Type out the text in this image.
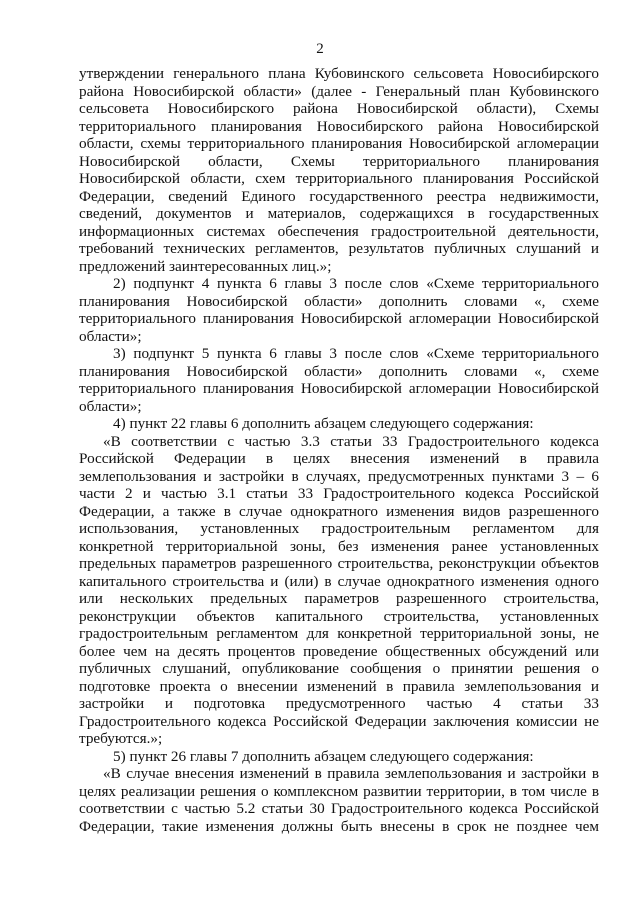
2

утверждении генерального плана Кубовинского сельсовета Новосибирского района Новосибирской области» (далее - Генеральный план Кубовинского сельсовета Новосибирского района Новосибирской области), Схемы территориального планирования Новосибирского района Новосибирской области, схемы территориального планирования Новосибирской агломерации Новосибирской области, Схемы территориального планирования Новосибирской области, схем территориального планирования Российской Федерации, сведений Единого государственного реестра недвижимости, сведений, документов и материалов, содержащихся в государственных информационных системах обеспечения градостроительной деятельности, требований технических регламентов, результатов публичных слушаний и предложений заинтересованных лиц.»;

2) подпункт 4 пункта 6 главы 3 после слов «Схеме территориального планирования Новосибирской области» дополнить словами «, схеме территориального планирования Новосибирской агломерации Новосибирской области»;

3) подпункт 5 пункта 6 главы 3 после слов «Схеме территориального планирования Новосибирской области» дополнить словами «, схеме территориального планирования Новосибирской агломерации Новосибирской области»;

4) пункт 22 главы 6 дополнить абзацем следующего содержания:

«В соответствии с частью 3.3 статьи 33 Градостроительного кодекса Российской Федерации в целях внесения изменений в правила землепользования и застройки в случаях, предусмотренных пунктами 3 – 6 части 2 и частью 3.1 статьи 33 Градостроительного кодекса Российской Федерации, а также в случае однократного изменения видов разрешенного использования, установленных градостроительным регламентом для конкретной территориальной зоны, без изменения ранее установленных предельных параметров разрешенного строительства, реконструкции объектов капитального строительства и (или) в случае однократного изменения одного или нескольких предельных параметров разрешенного строительства, реконструкции объектов капитального строительства, установленных градостроительным регламентом для конкретной территориальной зоны, не более чем на десять процентов проведение общественных обсуждений или публичных слушаний, опубликование сообщения о принятии решения о подготовке проекта о внесении изменений в правила землепользования и застройки и подготовка предусмотренного частью 4 статьи 33 Градостроительного кодекса Российской Федерации заключения комиссии не требуются.»;

5) пункт 26 главы 7 дополнить абзацем следующего содержания:

«В случае внесения изменений в правила землепользования и застройки в целях реализации решения о комплексном развитии территории, в том числе в соответствии с частью 5.2 статьи 30 Градостроительного кодекса Российской Федерации, такие изменения должны быть внесены в срок не позднее чем
